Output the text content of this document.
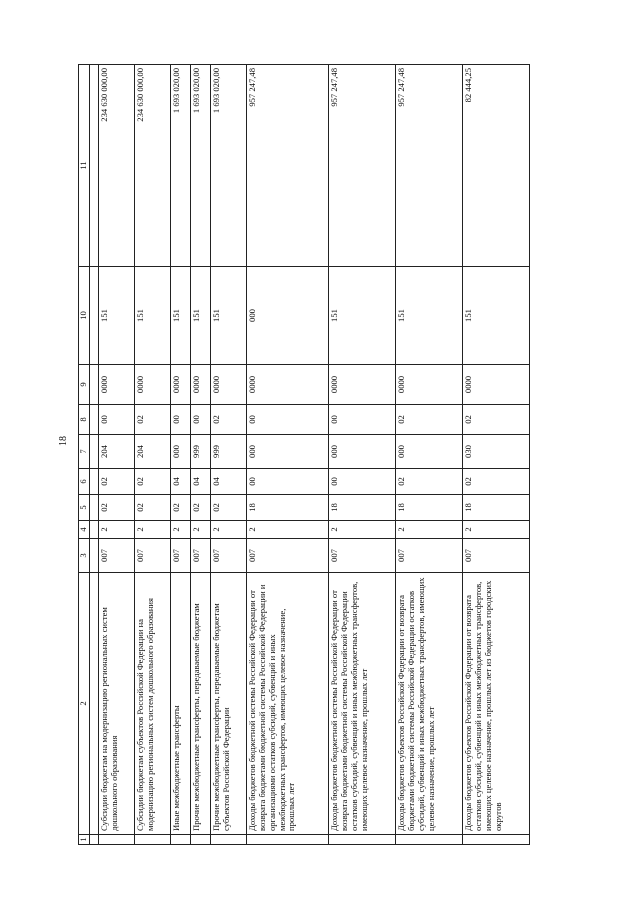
18
1	2	3	4	5	6	7	8	9	10	11

	Субсидии бюджетам на модернизацию региональных систем дошкольного образования	007	2	02	02	204	00	0000	151	234 630 000,00
	Субсидии бюджетам субъектов Российской Федерации на модернизацию региональных систем дошкольного образования	007	2	02	02	204	02	0000	151	234 630 000,00
	Иные межбюджетные трансферты	007	2	02	04	000	00	0000	151	1 693 020,00
	Прочие межбюджетные трансферты, передаваемые бюджетам	007	2	02	04	999	00	0000	151	1 693 020,00
	Прочие межбюджетные трансферты, передаваемые бюджетам субъектов Российской Федерации	007	2	02	04	999	02	0000	151	1 693 020,00
	Доходы бюджетов бюджетной системы Российской Федерации от возврата бюджетами бюджетной системы Российской Федерации и организациями остатков субсидий, субвенций и иных межбюджетных трансфертов, имеющих целевое назначение, прошлых лет	007	2	18	00	000	00	0000	000	957 247,48
	Доходы бюджетов бюджетной системы Российской Федерации от возврата бюджетами бюджетной системы Российской Федерации остатков субсидий, субвенций и иных межбюджетных трансфертов, имеющих целевое назначение, прошлых лет	007	2	18	00	000	00	0000	151	957 247,48
	Доходы бюджетов субъектов Российской Федерации от возврата бюджетами бюджетной системы Российской Федерации остатков субсидий, субвенций и иных межбюджетных трансфертов, имеющих целевое назначение, прошлых лет	007	2	18	02	000	02	0000	151	957 247,48
	Доходы бюджетов субъектов Российской Федерации от возврата остатков субсидий, субвенций и иных межбюджетных трансфертов, имеющих целевое назначение, прошлых лет из бюджетов городских округов	007	2	18	02	030	02	0000	151	82 444,25
